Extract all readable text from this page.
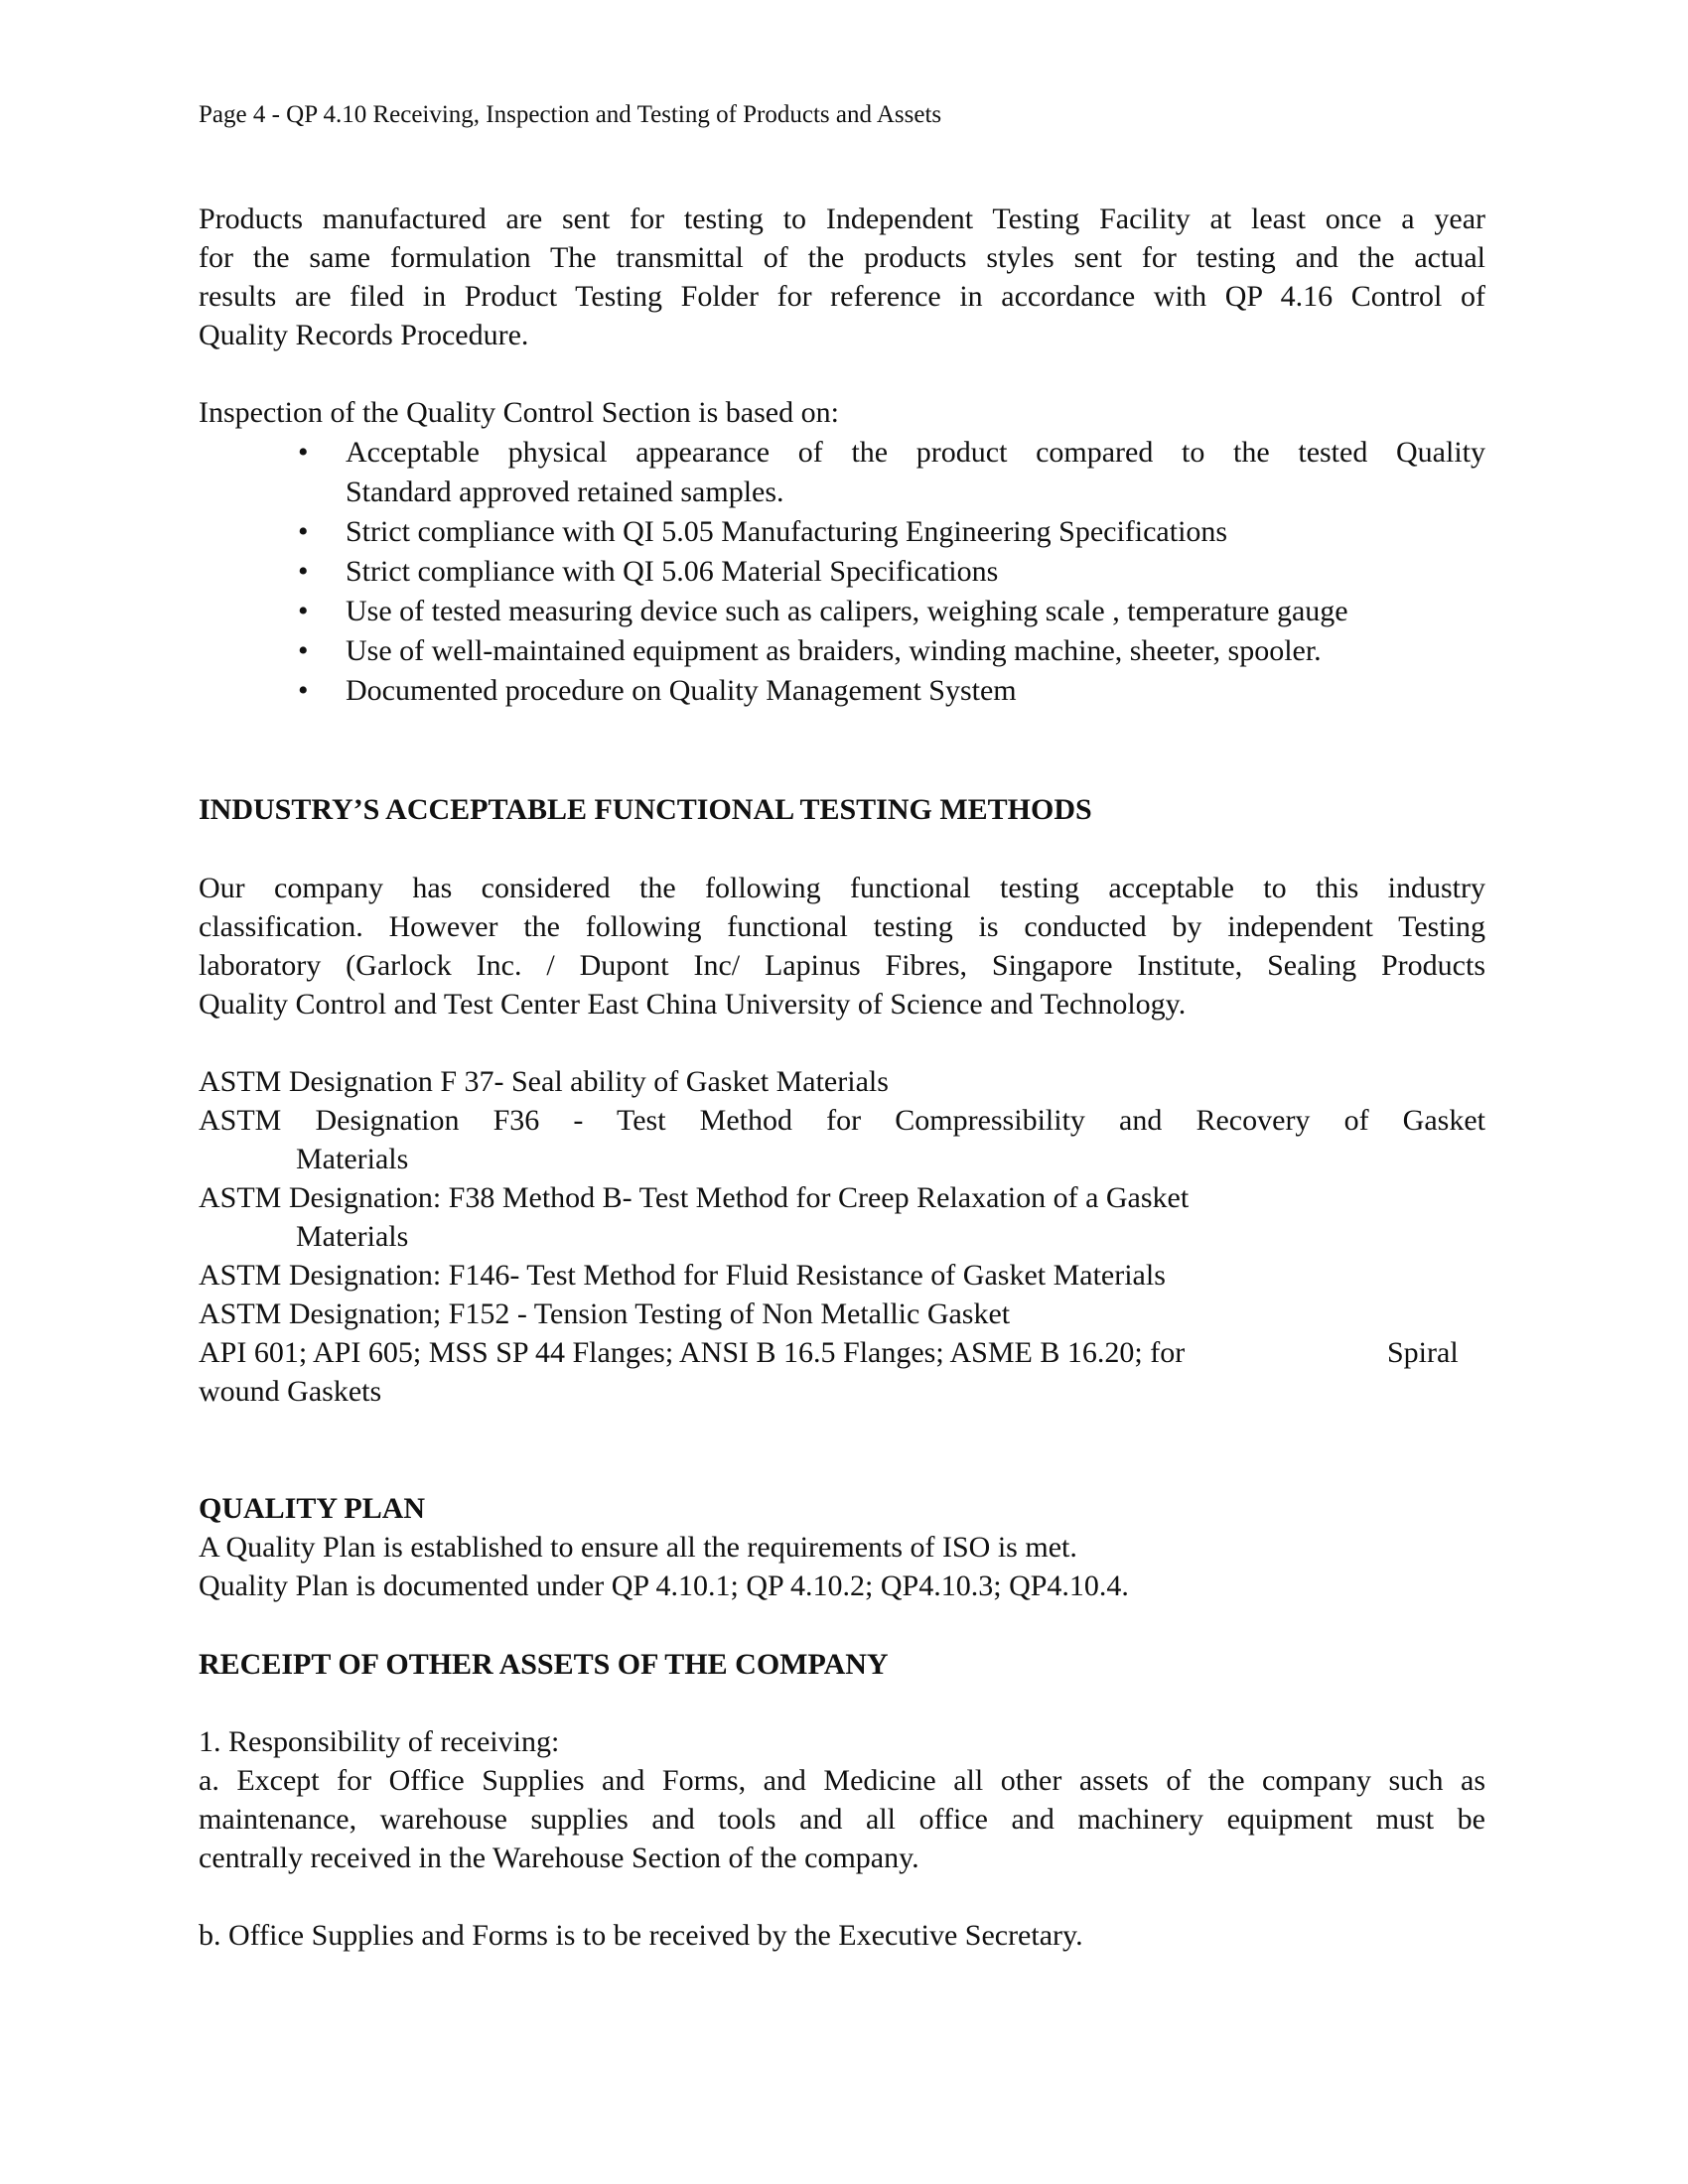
Page 4 - QP 4.10 Receiving, Inspection and Testing of Products and Assets
Products manufactured are sent for testing to Independent Testing Facility at least once a year
for the same formulation The transmittal of the products styles sent for testing and the actual
results are filed in Product Testing Folder for reference in accordance with QP 4.16 Control of
Quality Records Procedure.
Inspection of the Quality Control Section is based on:
• Acceptable physical appearance of the product compared to the tested Quality
Standard approved retained samples.
• Strict compliance with QI 5.05 Manufacturing Engineering Specifications
• Strict compliance with QI 5.06 Material Specifications
• Use of tested measuring device such as calipers, weighing scale , temperature gauge
• Use of well-maintained equipment as braiders, winding machine, sheeter, spooler.
• Documented procedure on Quality Management System
INDUSTRY’S ACCEPTABLE FUNCTIONAL TESTING METHODS
Our company has considered the following functional testing acceptable to this industry
classification. However the following functional testing is conducted by independent Testing
laboratory (Garlock Inc. / Dupont Inc/ Lapinus Fibres, Singapore Institute, Sealing Products
Quality Control and Test Center East China University of Science and Technology.
ASTM Designation F 37- Seal ability of Gasket Materials
ASTM Designation F36 - Test Method for Compressibility and Recovery of Gasket
Materials
ASTM Designation: F38 Method B- Test Method for Creep Relaxation of a Gasket
Materials
ASTM Designation: F146- Test Method for Fluid Resistance of Gasket Materials
ASTM Designation; F152 - Tension Testing of Non Metallic Gasket
API 601; API 605; MSS SP 44 Flanges; ANSI B 16.5 Flanges; ASME B 16.20; for	Spiral
wound Gaskets
QUALITY PLAN
A Quality Plan is established to ensure all the requirements of ISO is met.
Quality Plan is documented under QP 4.10.1; QP 4.10.2; QP4.10.3; QP4.10.4.
RECEIPT OF OTHER ASSETS OF THE COMPANY
1. Responsibility of receiving:
a. Except for Office Supplies and Forms, and Medicine all other assets of the company such as
maintenance, warehouse supplies and tools and all office and machinery equipment must be
centrally received in the Warehouse Section of the company.
b. Office Supplies and Forms is to be received by the Executive Secretary.
